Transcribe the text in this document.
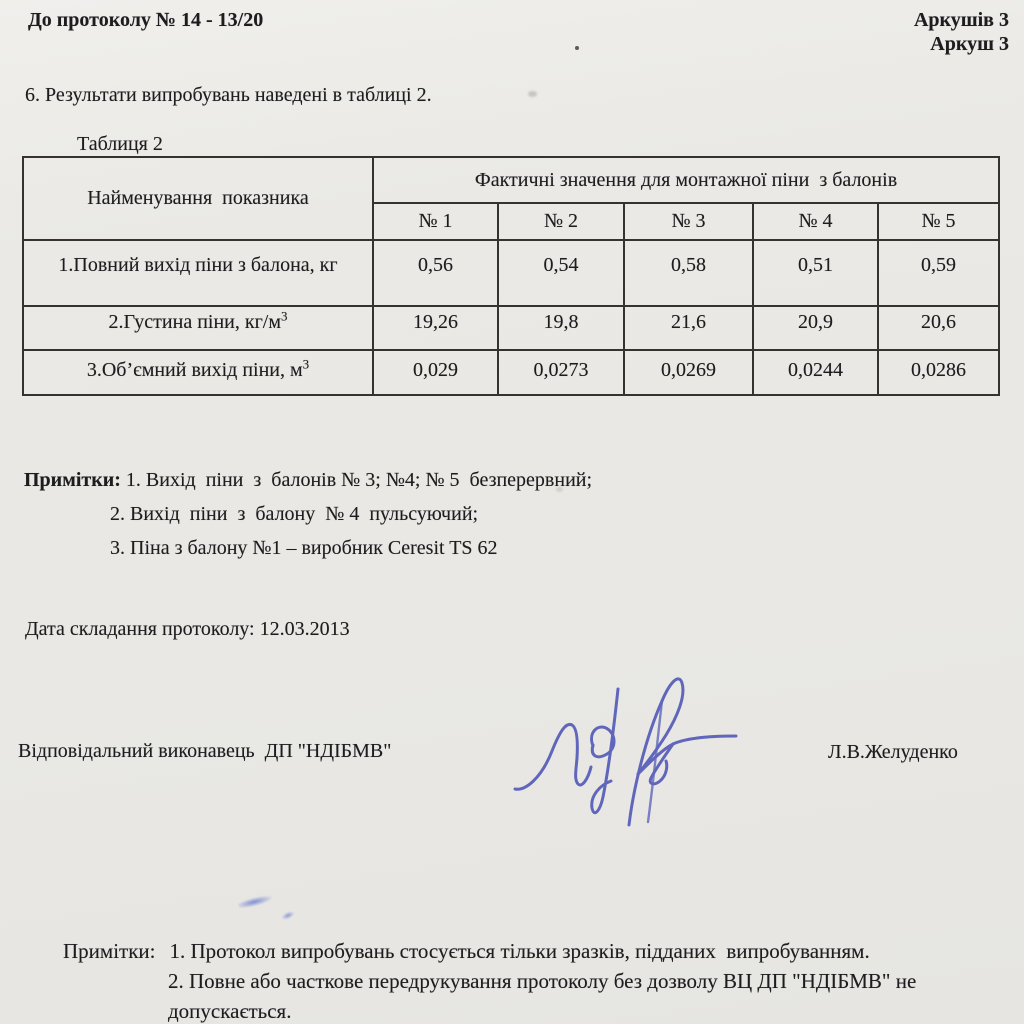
До протоколу № 14 - 13/20	Аркушів 3
Аркуш 3
6. Результати випробувань наведені в таблиці 2.
Таблиця 2
Найменування  показника	Фактичні значення для монтажної піни  з балонів				
	№ 1	№ 2	№ 3	№ 4	№ 5
1.Повний вихід піни з балона, кг	0,56	0,54	0,58	0,51	0,59
2.Густина піни, $кг/м^3$	19,26	19,8	21,6	20,9	20,6
3.Об’ємний вихід піни, $м^3$	0,029	0,0273	0,0269	0,0244	0,0286
Примітки: 1. Вихід  піни  з  балонів № 3; №4; № 5  безперервний;
2. Вихід  піни  з  балону  № 4  пульсуючий;
3. Піна з балону №1 – виробник Ceresit TS 62
Дата складання протоколу: 12.03.2013
Відповідальний виконавець  ДП "НДІБМВ"	Л.В.Желуденко
Примітки: 1. Протокол випробувань стосується тільки зразків, підданих  випробуванням.
2. Повне або часткове передрукування протоколу без дозволу ВЦ ДП "НДІБМВ" не
допускається.
